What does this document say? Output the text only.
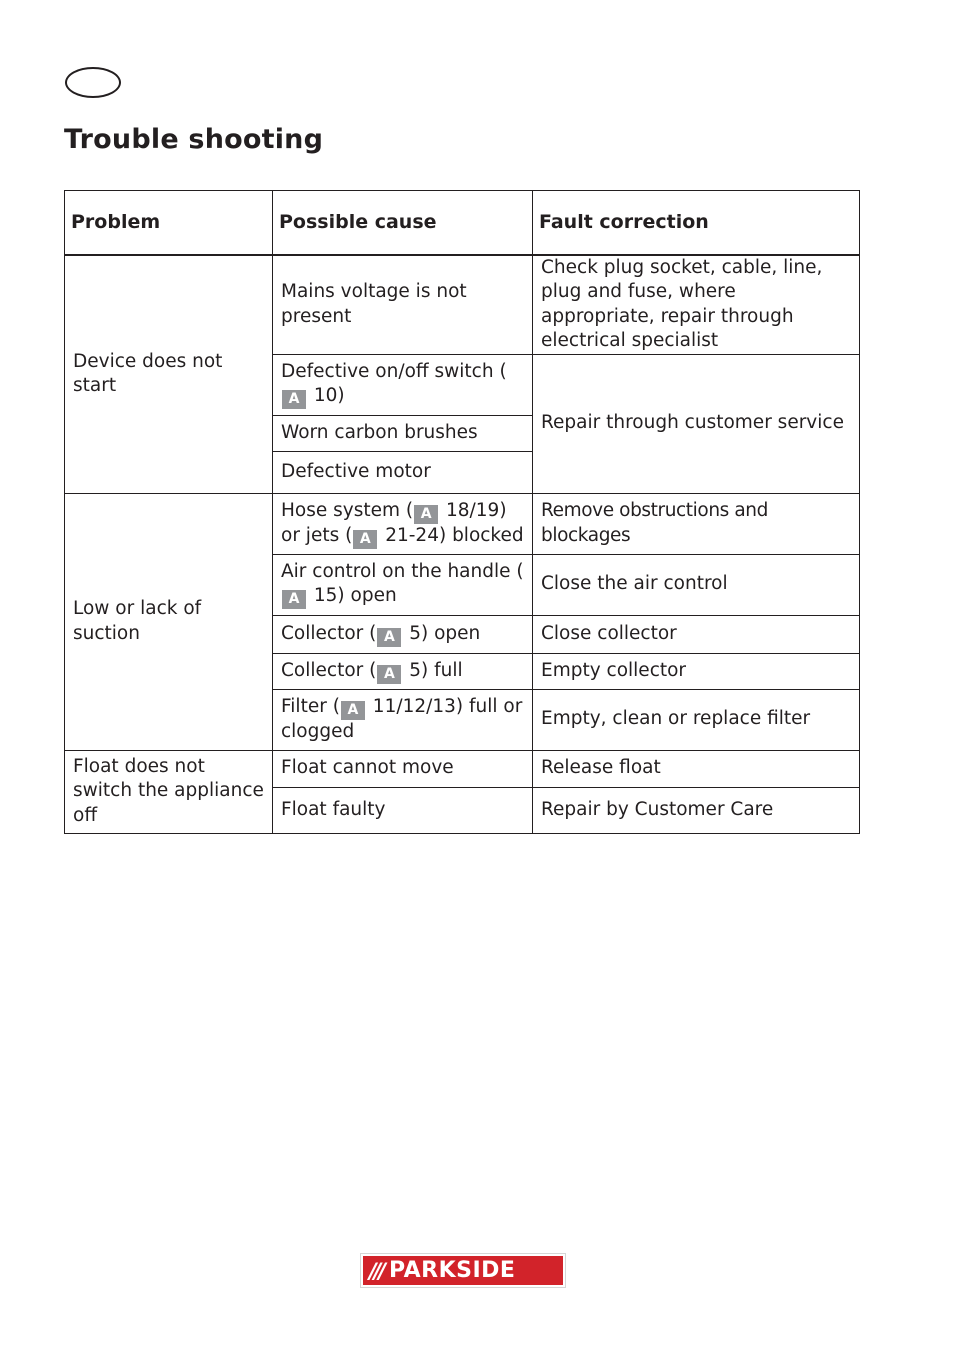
Trouble shooting
Problem	Possible cause	Fault correction
Device does not start	Mains voltage is not present	Check plug socket, cable, line, plug and fuse, where appropriate, repair through electrical specialist
	Defective on/off switch (A 10)	Repair through customer service
	Worn carbon brushes	
	Defective motor	
Low or lack of suction	Hose system ( A 18/19) or jets ( A 21-24) blocked	Remove obstructions and blockages
	Air control on the handle (A 15) open	Close the air control
	Collector ( A 5) open	Close collector
	Collector ( A 5) full	Empty collector
	Filter ( A 11/12/13) full or clogged	Empty, clean or replace filter
Float does not switch the appliance off	Float cannot move	Release float
	Float faulty	Repair by Customer Care
/// PARKSIDE
